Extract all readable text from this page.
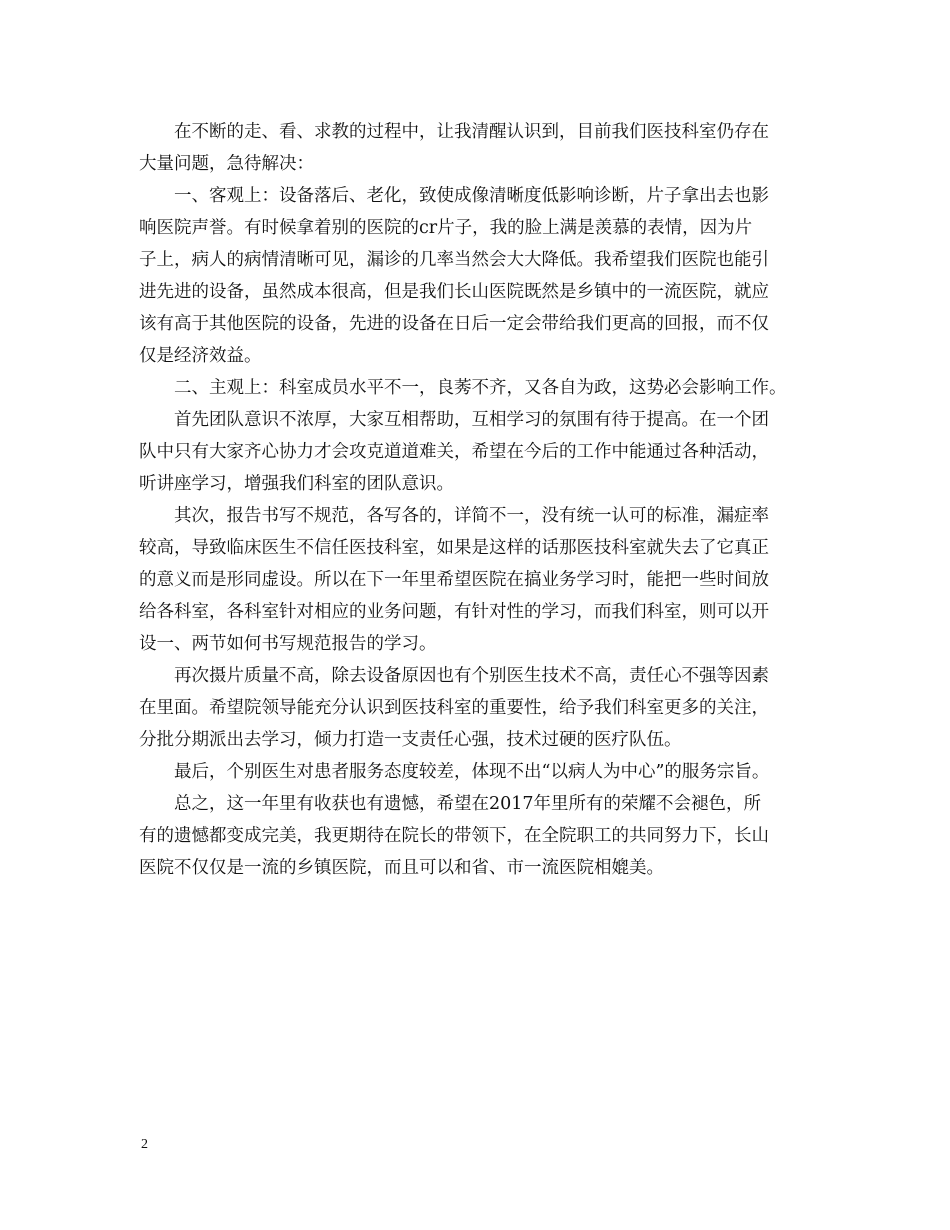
在不断的走、看、求教的过程中，让我清醒认识到，目前我们医技科室仍存在
大量问题，急待解决：
一、客观上：设备落后、老化，致使成像清晰度低影响诊断，片子拿出去也影
响医院声誉。有时候拿着别的医院的cr片子，我的脸上满是羡慕的表情，因为片
子上，病人的病情清晰可见，漏诊的几率当然会大大降低。我希望我们医院也能引
进先进的设备，虽然成本很高，但是我们长山医院既然是乡镇中的一流医院，就应
该有高于其他医院的设备，先进的设备在日后一定会带给我们更高的回报，而不仅
仅是经济效益。
二、主观上：科室成员水平不一，良莠不齐，又各自为政，这势必会影响工作。
首先团队意识不浓厚，大家互相帮助，互相学习的氛围有待于提高。在一个团
队中只有大家齐心协力才会攻克道道难关，希望在今后的工作中能通过各种活动，
听讲座学习，增强我们科室的团队意识。
其次，报告书写不规范，各写各的，详简不一，没有统一认可的标准，漏症率
较高，导致临床医生不信任医技科室，如果是这样的话那医技科室就失去了它真正
的意义而是形同虚设。所以在下一年里希望医院在搞业务学习时，能把一些时间放
给各科室，各科室针对相应的业务问题，有针对性的学习，而我们科室，则可以开
设一、两节如何书写规范报告的学习。
再次摄片质量不高，除去设备原因也有个别医生技术不高，责任心不强等因素
在里面。希望院领导能充分认识到医技科室的重要性，给予我们科室更多的关注，
分批分期派出去学习，倾力打造一支责任心强，技术过硬的医疗队伍。
最后，个别医生对患者服务态度较差，体现不出“以病人为中心”的服务宗旨。
总之，这一年里有收获也有遗憾，希望在2017年里所有的荣耀不会褪色，所
有的遗憾都变成完美，我更期待在院长的带领下，在全院职工的共同努力下，长山
医院不仅仅是一流的乡镇医院，而且可以和省、市一流医院相媲美。
2
